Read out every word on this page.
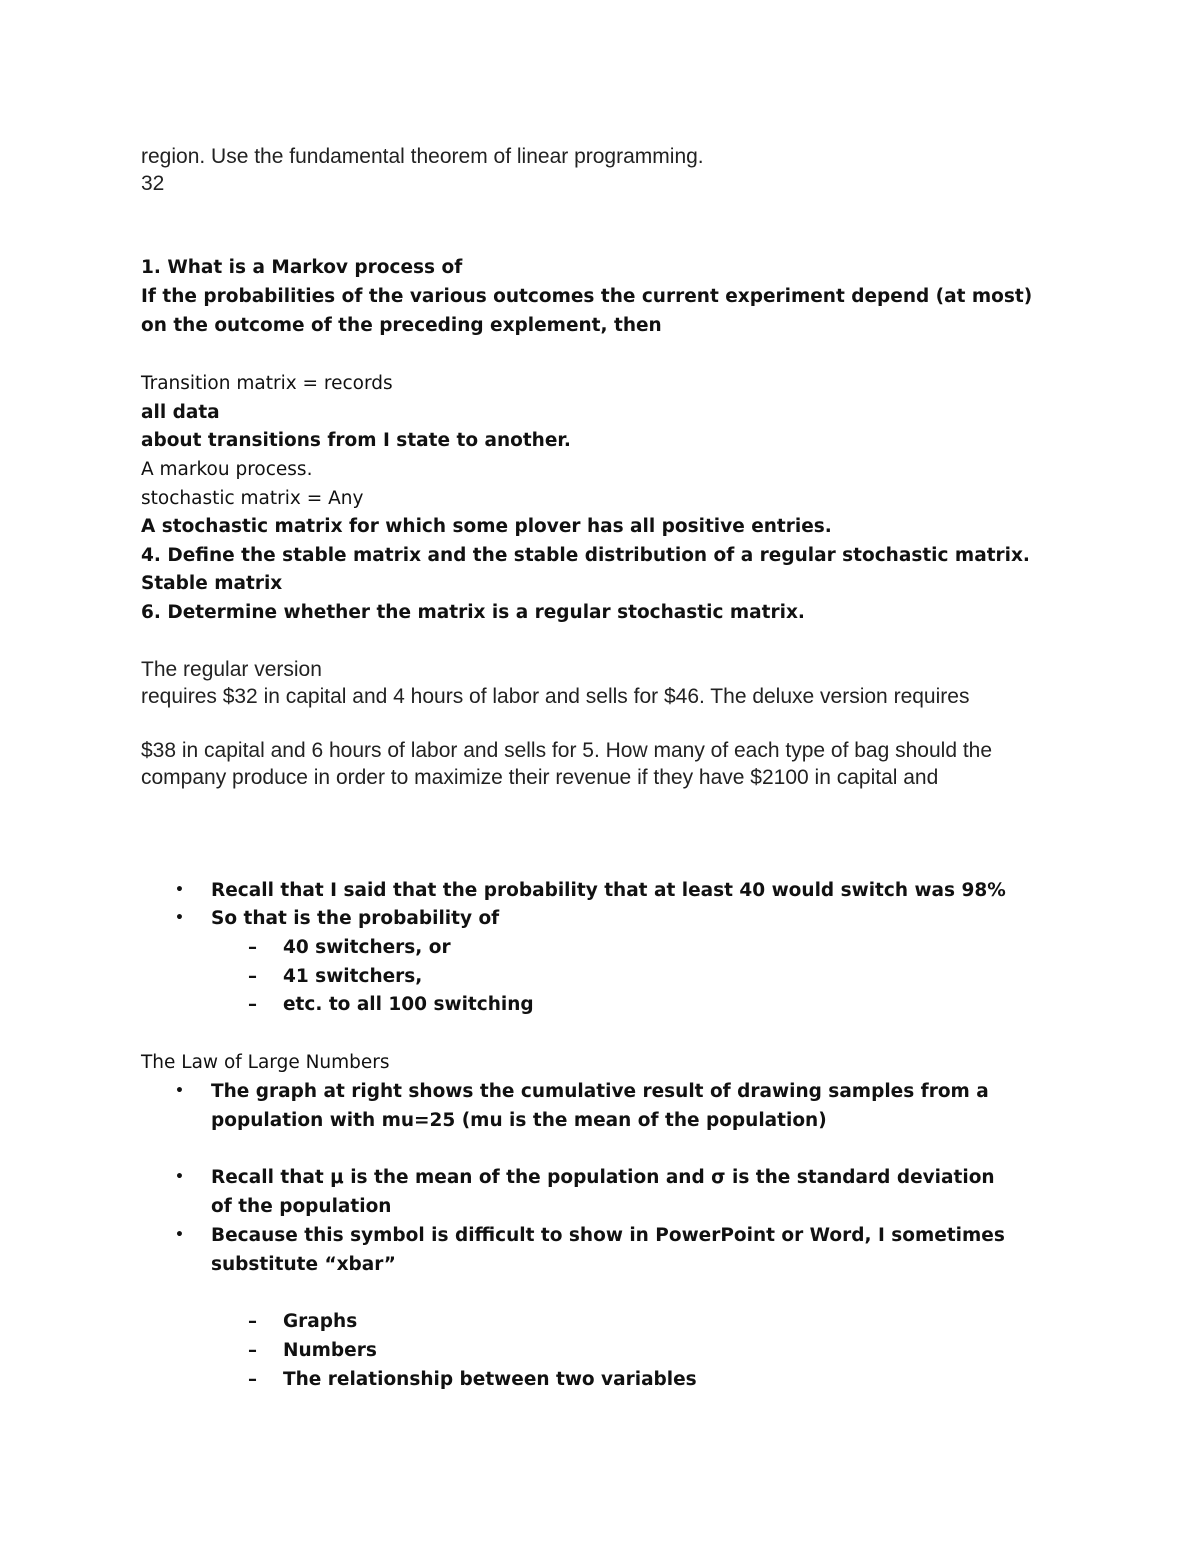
region. Use the fundamental theorem of linear programming.
32
1. What is a Markov process of
If the probabilities of the various outcomes the current experiment depend (at most) on the outcome of the preceding explement, then
Transition matrix = records
all data
about transitions from I state to another.
A markou process.
stochastic matrix = Any
A stochastic matrix for which some plover has all positive entries.
4. Define the stable matrix and the stable distribution of a regular stochastic matrix.
Stable matrix
6. Determine whether the matrix is a regular stochastic matrix.
The regular version
requires $32 in capital and 4 hours of labor and sells for $46. The deluxe version requires
$38 in capital and 6 hours of labor and sells for 5. How many of each type of bag should the company produce in order to maximize their revenue if they have $2100 in capital and
• Recall that I said that the probability that at least 40 would switch was 98%
• So that is the probability of
– 40 switchers, or
– 41 switchers,
– etc. to all 100 switching
The Law of Large Numbers
• The graph at right shows the cumulative result of drawing samples from a population with mu=25 (mu is the mean of the population)
• Recall that μ is the mean of the population and σ is the standard deviation of the population
• Because this symbol is difficult to show in PowerPoint or Word, I sometimes substitute “xbar”
– Graphs
– Numbers
– The relationship between two variables
